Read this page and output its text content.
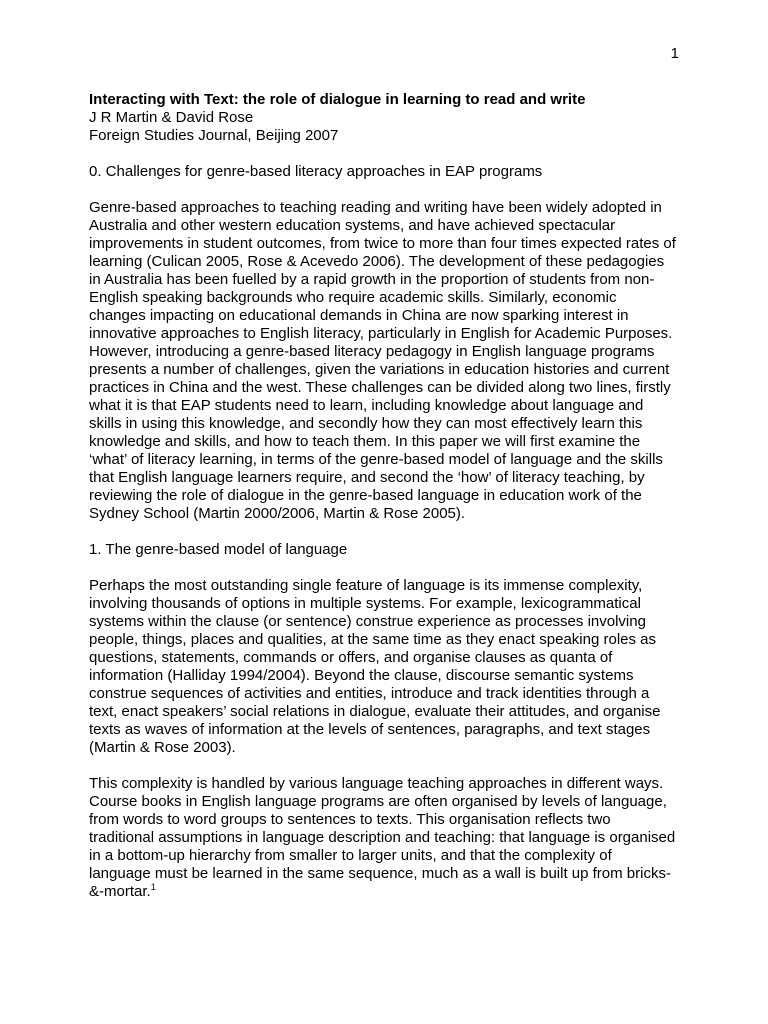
1
Interacting with Text: the role of dialogue in learning to read and write
J R Martin & David Rose
Foreign Studies Journal, Beijing 2007
0. Challenges for genre-based literacy approaches in EAP programs
Genre-based approaches to teaching reading and writing have been widely adopted in
Australia and other western education systems, and have achieved spectacular
improvements in student outcomes, from twice to more than four times expected rates of
learning (Culican 2005, Rose & Acevedo 2006). The development of these pedagogies
in Australia has been fuelled by a rapid growth in the proportion of students from non-
English speaking backgrounds who require academic skills. Similarly, economic
changes impacting on educational demands in China are now sparking interest in
innovative approaches to English literacy, particularly in English for Academic Purposes.
However, introducing a genre-based literacy pedagogy in English language programs
presents a number of challenges, given the variations in education histories and current
practices in China and the west. These challenges can be divided along two lines, firstly
what it is that EAP students need to learn, including knowledge about language and
skills in using this knowledge, and secondly how they can most effectively learn this
knowledge and skills, and how to teach them. In this paper we will first examine the
‘what’ of literacy learning, in terms of the genre-based model of language and the skills
that English language learners require, and second the ‘how’ of literacy teaching, by
reviewing the role of dialogue in the genre-based language in education work of the
Sydney School (Martin 2000/2006, Martin & Rose 2005).
1. The genre-based model of language
Perhaps the most outstanding single feature of language is its immense complexity,
involving thousands of options in multiple systems. For example, lexicogrammatical
systems within the clause (or sentence) construe experience as processes involving
people, things, places and qualities, at the same time as they enact speaking roles as
questions, statements, commands or offers, and organise clauses as quanta of
information (Halliday 1994/2004). Beyond the clause, discourse semantic systems
construe sequences of activities and entities, introduce and track identities through a
text, enact speakers’ social relations in dialogue, evaluate their attitudes, and organise
texts as waves of information at the levels of sentences, paragraphs, and text stages
(Martin & Rose 2003).
This complexity is handled by various language teaching approaches in different ways.
Course books in English language programs are often organised by levels of language,
from words to word groups to sentences to texts. This organisation reflects two
traditional assumptions in language description and teaching: that language is organised
in a bottom-up hierarchy from smaller to larger units, and that the complexity of
language must be learned in the same sequence, much as a wall is built up from bricks-
&-mortar.$^1$
